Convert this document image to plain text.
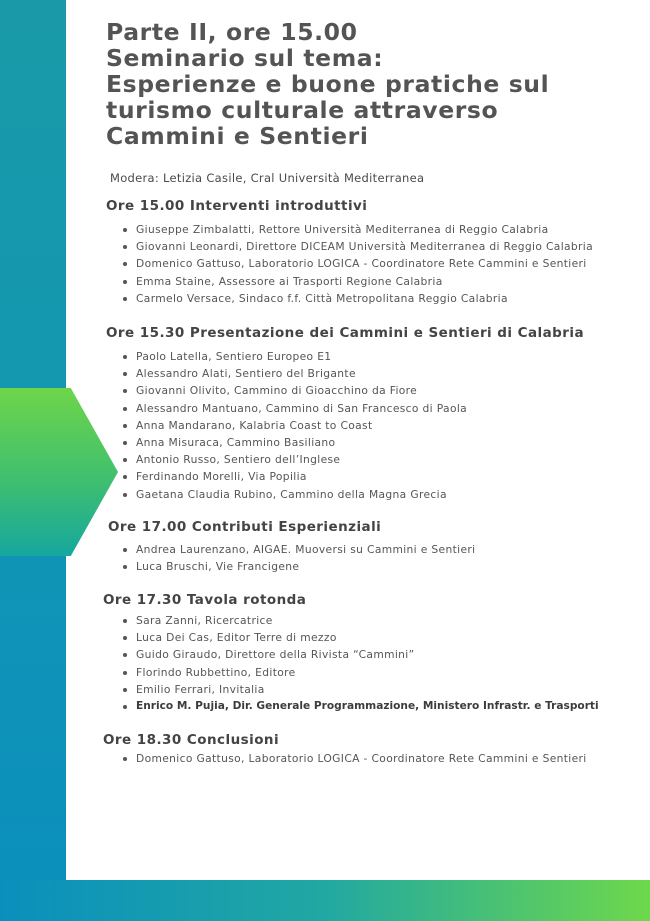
Parte II, ore 15.00
Seminario sul tema:
Esperienze e buone pratiche sul
turismo culturale attraverso
Cammini e Sentieri
Modera: Letizia Casile, Cral Università Mediterranea
Ore 15.00 Interventi introduttivi
Giuseppe Zimbalatti, Rettore Università Mediterranea di Reggio Calabria
Giovanni Leonardi, Direttore DICEAM Università Mediterranea di Reggio Calabria
Domenico Gattuso, Laboratorio LOGICA - Coordinatore Rete Cammini e Sentieri
Emma Staine, Assessore ai Trasporti Regione Calabria
Carmelo Versace, Sindaco f.f. Città Metropolitana Reggio Calabria
Ore 15.30 Presentazione dei Cammini e Sentieri di Calabria
Paolo Latella, Sentiero Europeo E1
Alessandro Alati, Sentiero del Brigante
Giovanni Olivito, Cammino di Gioacchino da Fiore
Alessandro Mantuano, Cammino di San Francesco di Paola
Anna Mandarano, Kalabria Coast to Coast
Anna Misuraca, Cammino Basiliano
Antonio Russo, Sentiero dell’Inglese
Ferdinando Morelli, Via Popilia
Gaetana Claudia Rubino, Cammino della Magna Grecia
Ore 17.00 Contributi Esperienziali
Andrea Laurenzano, AIGAE. Muoversi su Cammini e Sentieri
Luca Bruschi, Vie Francigene
Ore 17.30 Tavola rotonda
Sara Zanni, Ricercatrice
Luca Dei Cas, Editor Terre di mezzo
Guido Giraudo, Direttore della Rivista “Cammini”
Florindo Rubbettino, Editore
Emilio Ferrari, Invitalia
Enrico M. Pujia, Dir. Generale Programmazione, Ministero Infrastr. e Trasporti
Ore 18.30 Conclusioni
Domenico Gattuso, Laboratorio LOGICA - Coordinatore Rete Cammini e Sentieri
